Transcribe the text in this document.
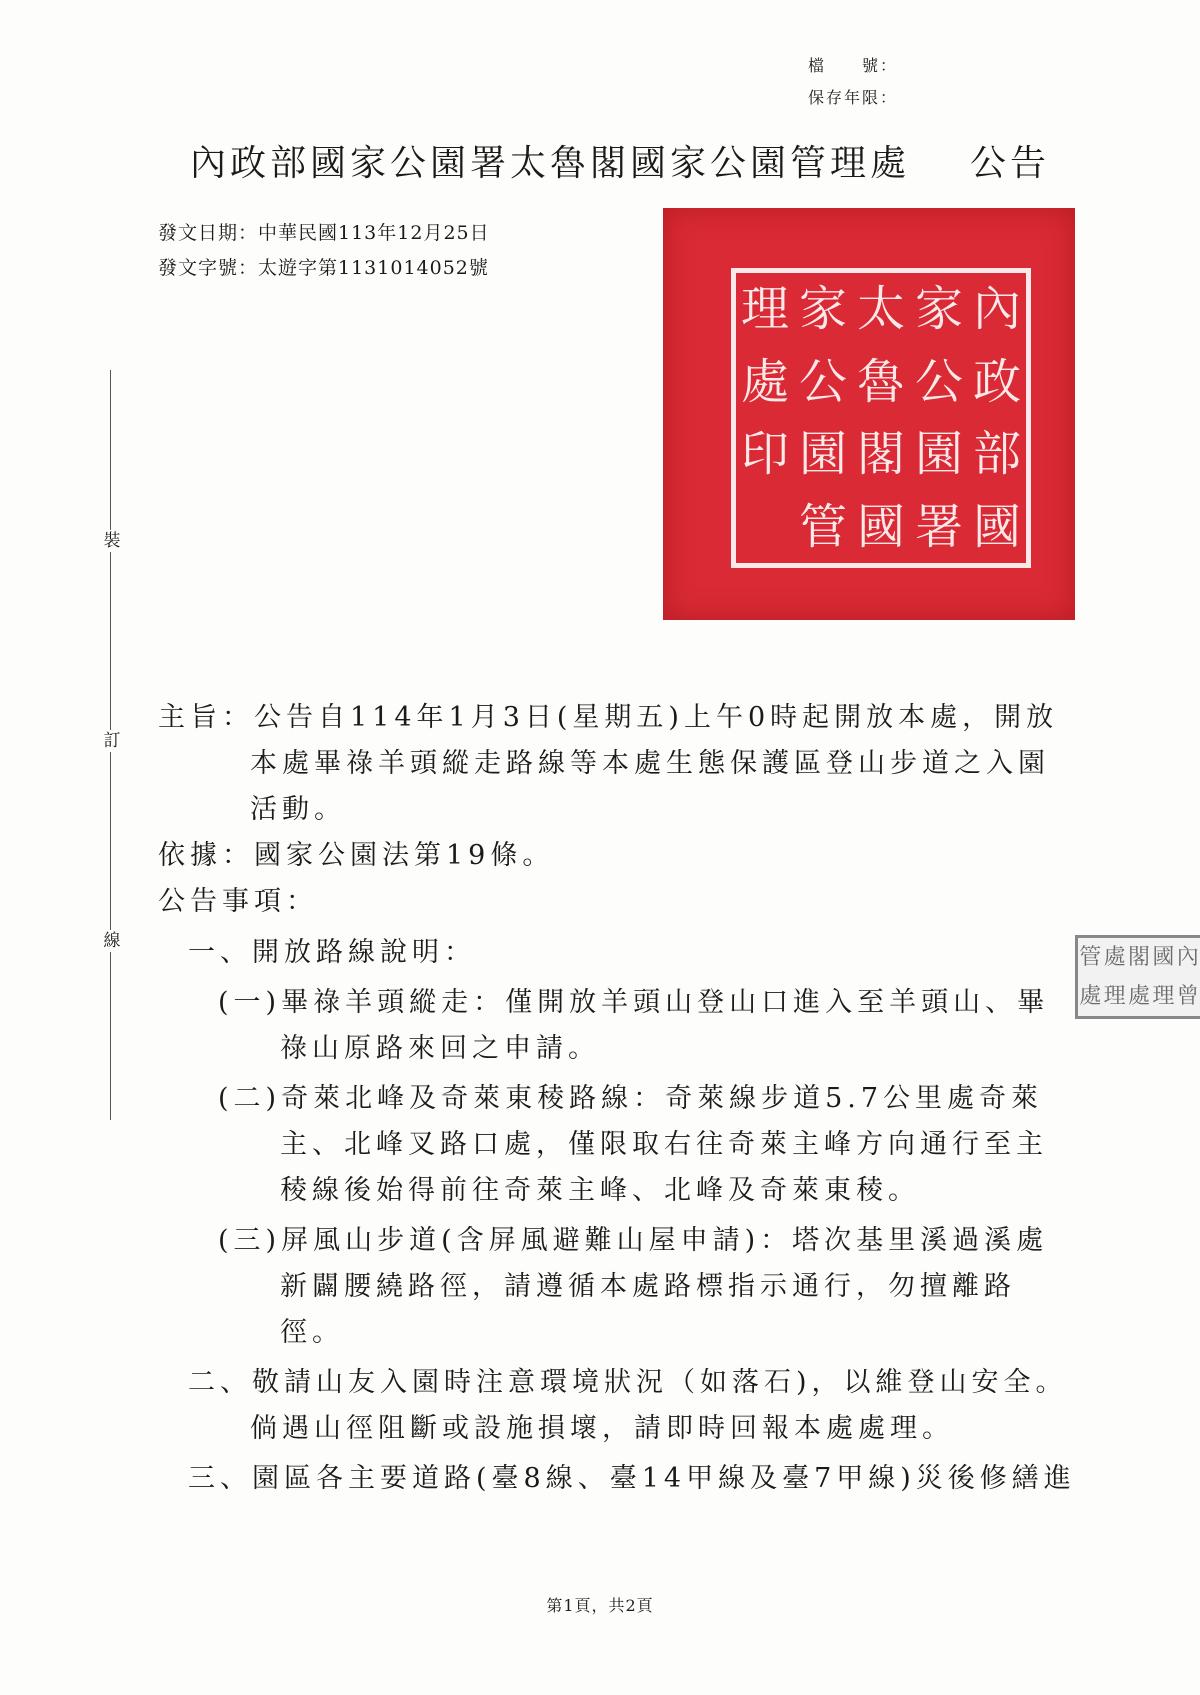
檔　　號：
保存年限：
內政部國家公園署太魯閣國家公園管理處 公告
發文日期：中華民國113年12月25日
發文字號：太遊字第1131014052號
裝
訂
線
內
政
部
國
家
公
園
署
太
魯
閣
國
家
公
園
管
理
處
印
內
曾
國
理
閣
處
處
理
管
處
主旨：公告自114年1月3日(星期五)上午0時起開放本處，開放本處畢祿羊頭縱走路線等本處生態保護區登山步道之入園活動。
依據：國家公園法第19條。
公告事項：
一、開放路線說明：
(一)畢祿羊頭縱走：僅開放羊頭山登山口進入至羊頭山、畢祿山原路來回之申請。
(二)奇萊北峰及奇萊東稜路線：奇萊線步道5.7公里處奇萊主、北峰叉路口處，僅限取右往奇萊主峰方向通行至主稜線後始得前往奇萊主峰、北峰及奇萊東稜。
(三)屏風山步道(含屏風避難山屋申請)：塔次基里溪過溪處新闢腰繞路徑，請遵循本處路標指示通行，勿擅離路徑。
二、敬請山友入園時注意環境狀況（如落石)，以維登山安全。倘遇山徑阻斷或設施損壞，請即時回報本處處理。
三、園區各主要道路(臺8線、臺14甲線及臺7甲線)災後修繕進
第1頁，共2頁
